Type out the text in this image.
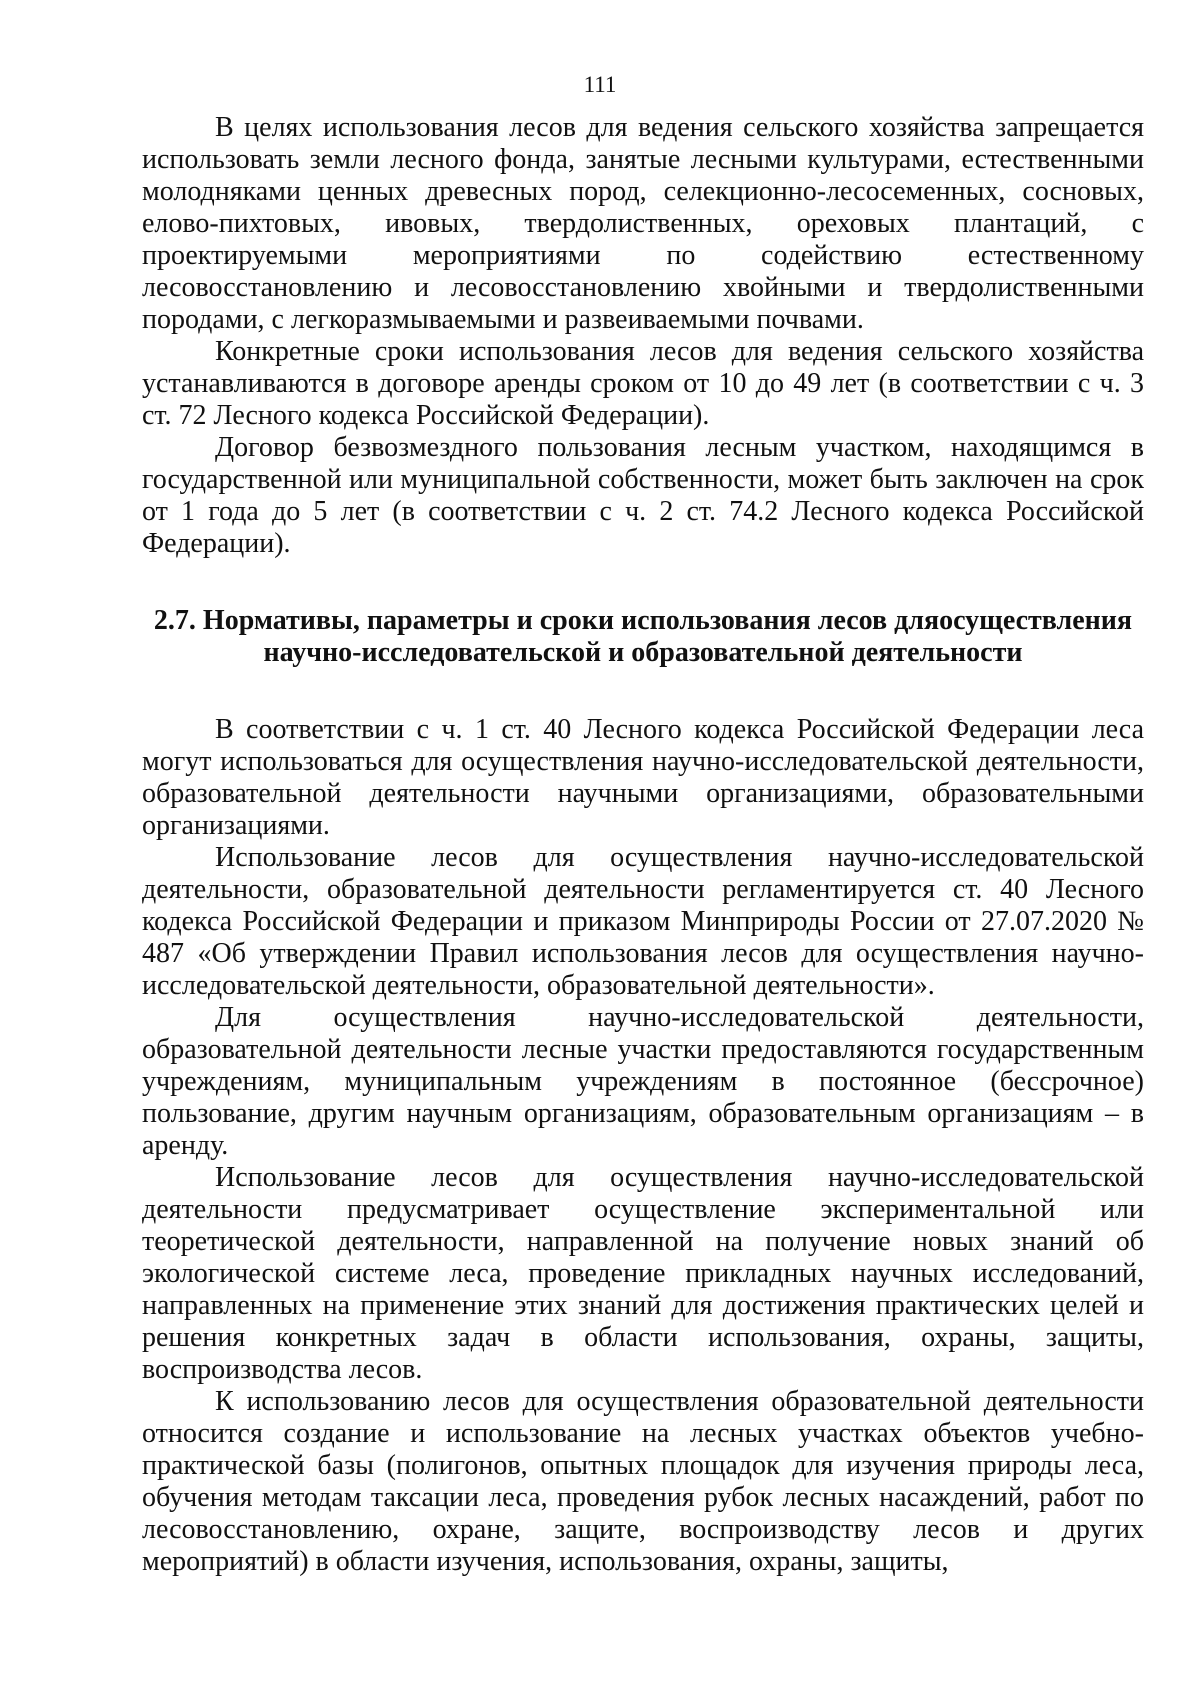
111

В целях использования лесов для ведения сельского хозяйства запрещается использовать земли лесного фонда, занятые лесными культурами, естественными молодняками ценных древесных пород, селекционно-лесосеменных, сосновых, елово-пихтовых, ивовых, твердолиственных, ореховых плантаций, с проектируемыми мероприятиями по содействию естественному лесовосстановлению и лесовосстановлению хвойными и твердолиственными породами, с легкоразмываемыми и развеиваемыми почвами.

Конкретные сроки использования лесов для ведения сельского хозяйства устанавливаются в договоре аренды сроком от 10 до 49 лет (в соответствии с ч. 3 ст. 72 Лесного кодекса Российской Федерации).

Договор безвозмездного пользования лесным участком, находящимся в государственной или муниципальной собственности, может быть заключен на срок от 1 года до 5 лет (в соответствии с ч. 2 ст. 74.2 Лесного кодекса Российской Федерации).

2.7. Нормативы, параметры и сроки использования лесов дляосуществления
научно-исследовательской и образовательной деятельности

В соответствии с ч. 1 ст. 40 Лесного кодекса Российской Федерации леса могут использоваться для осуществления научно-исследовательской деятельности, образовательной деятельности научными организациями, образовательными организациями.

Использование лесов для осуществления научно-исследовательской деятельности, образовательной деятельности регламентируется ст. 40 Лесного кодекса Российской Федерации и приказом Минприроды России от 27.07.2020 № 487 «Об утверждении Правил использования лесов для осуществления научно-исследовательской деятельности, образовательной деятельности».

Для осуществления научно-исследовательской деятельности, образовательной деятельности лесные участки предоставляются государственным учреждениям, муниципальным учреждениям в постоянное (бессрочное) пользование, другим научным организациям, образовательным организациям – в аренду.

Использование лесов для осуществления научно-исследовательской деятельности предусматривает осуществление экспериментальной или теоретической деятельности, направленной на получение новых знаний об экологической системе леса, проведение прикладных научных исследований, направленных на применение этих знаний для достижения практических целей и решения конкретных задач в области использования, охраны, защиты, воспроизводства лесов.

К использованию лесов для осуществления образовательной деятельности относится создание и использование на лесных участках объектов учебно-практической базы (полигонов, опытных площадок для изучения природы леса, обучения методам таксации леса, проведения рубок лесных насаждений, работ по лесовосстановлению, охране, защите, воспроизводству лесов и других мероприятий) в области изучения, использования, охраны, защиты,
